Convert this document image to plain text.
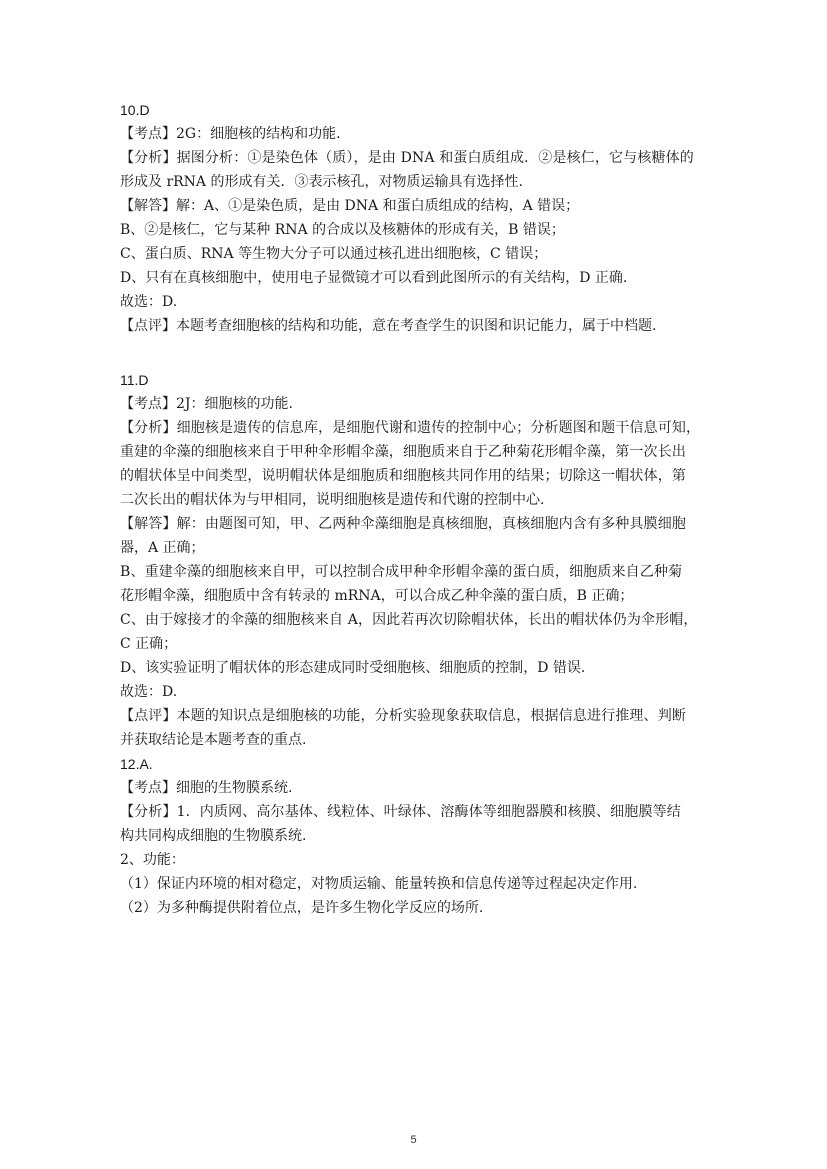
10.D

【考点】2G：细胞核的结构和功能.

【分析】据图分析：①是染色体（质），是由 DNA 和蛋白质组成．②是核仁，它与核糖体的

形成及 rRNA 的形成有关．③表示核孔，对物质运输具有选择性.

【解答】解：A、①是染色质，是由 DNA 和蛋白质组成的结构，A 错误；

B、②是核仁，它与某种 RNA 的合成以及核糖体的形成有关，B 错误；

C、蛋白质、RNA 等生物大分子可以通过核孔进出细胞核，C 错误；

D、只有在真核细胞中，使用电子显微镜才可以看到此图所示的有关结构，D 正确.

故选：D.

【点评】本题考查细胞核的结构和功能，意在考查学生的识图和识记能力，属于中档题.

11.D

【考点】2J：细胞核的功能.

【分析】细胞核是遗传的信息库，是细胞代谢和遗传的控制中心；分析题图和题干信息可知，

重建的伞藻的细胞核来自于甲种伞形帽伞藻，细胞质来自于乙种菊花形帽伞藻，第一次长出

的帽状体呈中间类型，说明帽状体是细胞质和细胞核共同作用的结果；切除这一帽状体，第

二次长出的帽状体为与甲相同，说明细胞核是遗传和代谢的控制中心.

【解答】解：由题图可知，甲、乙两种伞藻细胞是真核细胞，真核细胞内含有多种具膜细胞

器，A 正确；

B、重建伞藻的细胞核来自甲，可以控制合成甲种伞形帽伞藻的蛋白质，细胞质来自乙种菊

花形帽伞藻，细胞质中含有转录的 mRNA，可以合成乙种伞藻的蛋白质，B 正确；

C、由于嫁接才的伞藻的细胞核来自 A，因此若再次切除帽状体，长出的帽状体仍为伞形帽，

C 正确；

D、该实验证明了帽状体的形态建成同时受细胞核、细胞质的控制，D 错误.

故选：D.

【点评】本题的知识点是细胞核的功能，分析实验现象获取信息，根据信息进行推理、判断

并获取结论是本题考查的重点.

12.A.

【考点】细胞的生物膜系统.

【分析】1．内质网、高尔基体、线粒体、叶绿体、溶酶体等细胞器膜和核膜、细胞膜等结

构共同构成细胞的生物膜系统.

2、功能：

（1）保证内环境的相对稳定，对物质运输、能量转换和信息传递等过程起决定作用.

（2）为多种酶提供附着位点，是许多生物化学反应的场所.

5
